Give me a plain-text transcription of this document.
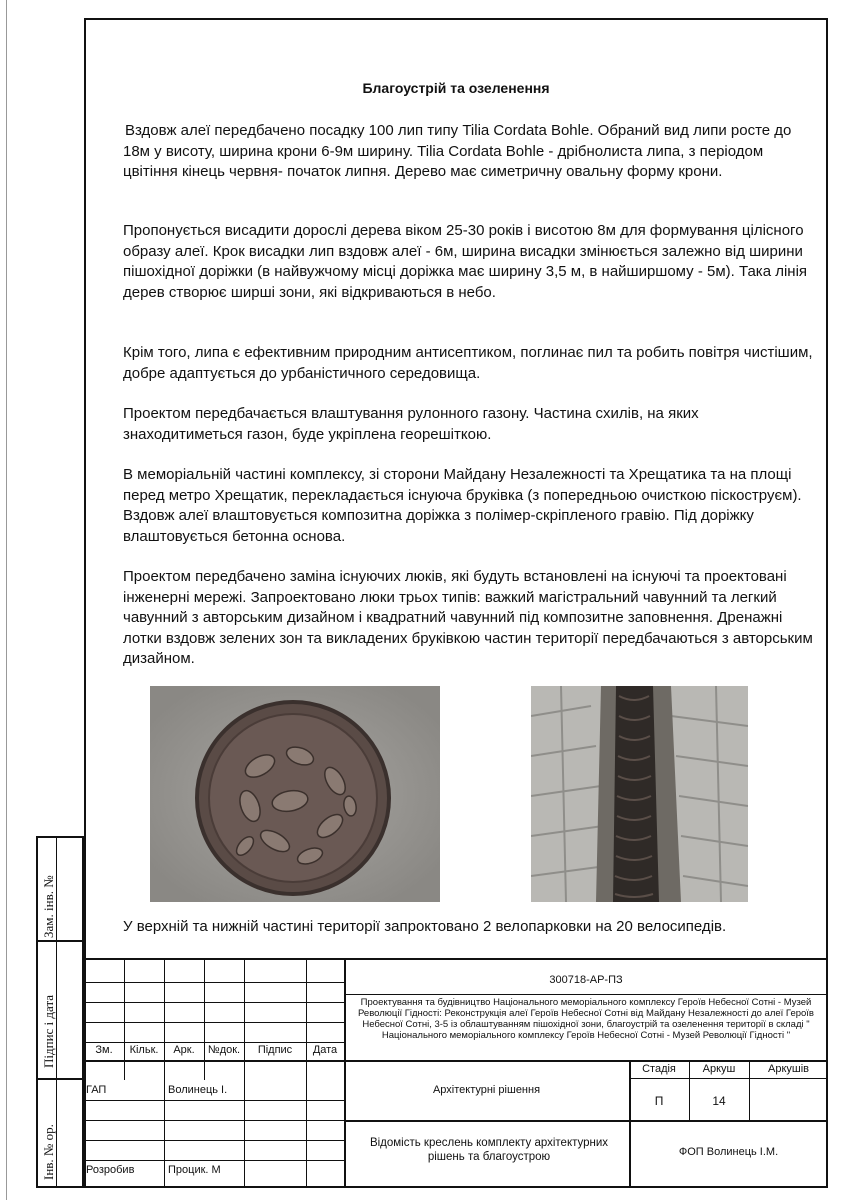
Благоустрій та озеленення

Вздовж алеї передбачено посадку 100 лип типу Tilia Cordata Bohle. Обраний вид липи росте до 18м у висоту, ширина крони 6-9м ширину. Tilia Cordata Bohle - дрібнолиста липа, з періодом цвітіння кінець червня- початок липня. Дерево має симетричну овальну форму крони.

Пропонується висадити дорослі дерева віком 25-30 років і висотою 8м для формування цілісного образу алеї. Крок висадки лип вздовж алеї - 6м, ширина висадки змінюється залежно від ширини пішохідної доріжки (в найвужчому місці доріжка має ширину 3,5 м, в найширшому - 5м). Така лінія дерев створює ширші зони, які відкриваються в небо.

Крім того, липа є ефективним природним антисептиком, поглинає пил та робить повітря чистішим, добре адаптується до урбаністичного середовища.

Проектом передбачається влаштування рулонного газону. Частина схилів, на яких знаходитиметься газон, буде укріплена георешіткою.

В меморіальній частині комплексу, зі сторони Майдану Незалежності та Хрещатика та на площі перед метро Хрещатик, перекладається існуюча бруківка (з попередньою очисткою піскоструєм). Вздовж алеї влаштовується композитна доріжка з полімер-скріпленого гравію. Під доріжку влаштовується бетонна основа.

Проектом передбачено заміна існуючих люків, які будуть встановлені на існуючі та проектовані інженерні мережі. Запроектовано люки трьох типів: важкий магістральний чавунний та легкий чавунний з авторським дизайном і квадратний чавунний під композитне заповнення. Дренажні лотки вздовж зелених зон та викладених бруківкою частин території передбачаються з авторським дизайном.

У верхній та нижній частині території запроктовано 2 велопарковки на 20 велосипедів.
Зам. інв. №
Підпис і дата
Інв. № ор.
Зм.	Кільк.	Арк.	№док.	Підпис	Дата
ГАП	Волинець І.
Розробив	Процик. М
300718-АР-ПЗ
Проектування та будівництво Національного меморіального комплексу Героїв Небесної Сотні - Музей Революції Гідності: Реконструкція алеї Героїв Небесної Сотні від Майдану Незалежності до алеї Героїв Небесної Сотні, 3-5 із облаштуванням пішохідної зони, благоустрій та озеленення території в складі " Національного меморіального комплексу Героїв Небесної Сотні - Музей Революції Гідності "
Архітектурні рішення
Стадія	Аркуш	Аркушів
П	14
Відомість креслень комплекту архітектурних рішень та благоустрою	ФОП Волинець І.М.
